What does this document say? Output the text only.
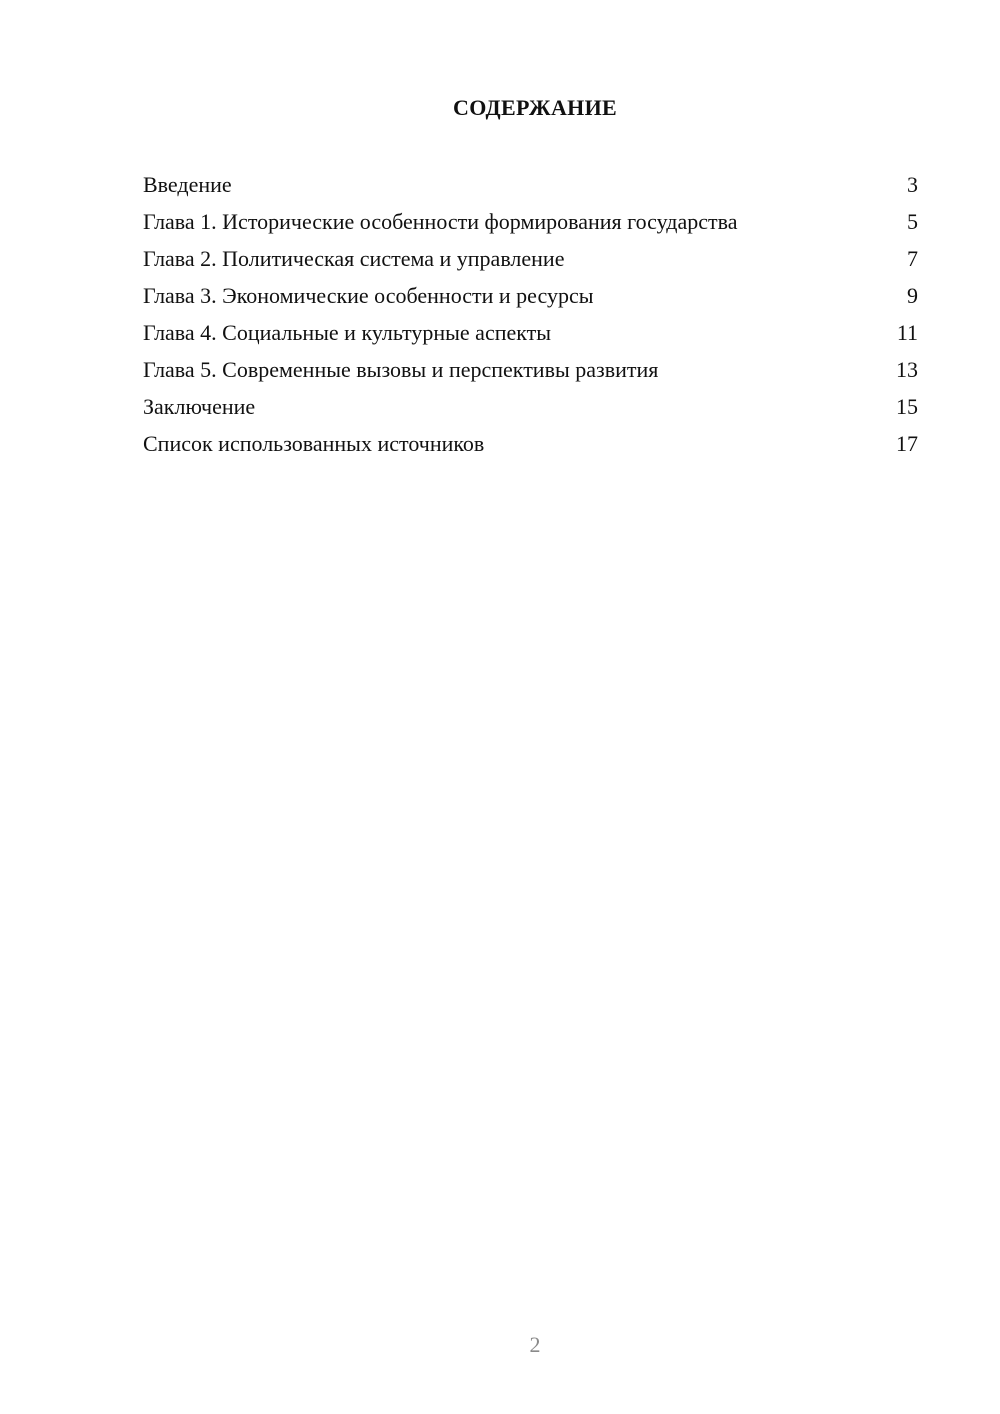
СОДЕРЖАНИЕ
Введение	3
Глава 1. Исторические особенности формирования государства	5
Глава 2. Политическая система и управление	7
Глава 3. Экономические особенности и ресурсы	9
Глава 4. Социальные и культурные аспекты	11
Глава 5. Современные вызовы и перспективы развития	13
Заключение	15
Список использованных источников	17
2
